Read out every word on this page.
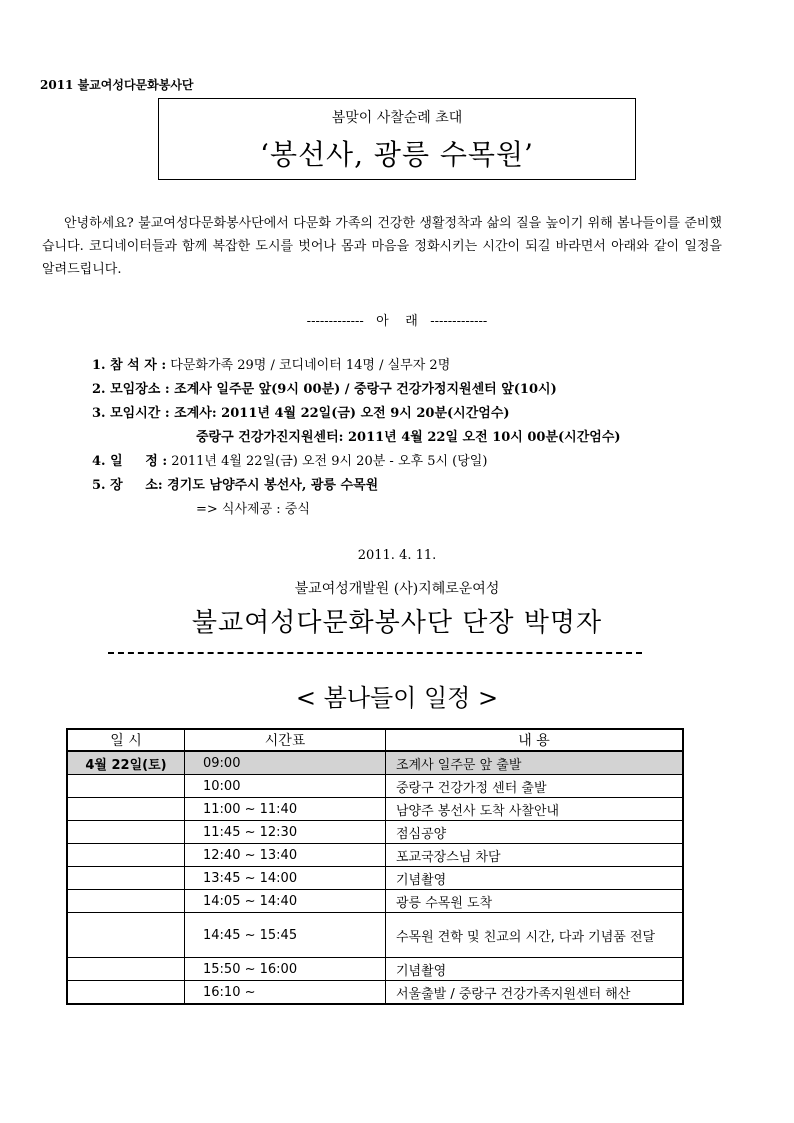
2011 불교여성다문화봉사단
봄맞이 사찰순례 초대
‘봉선사, 광릉 수목원’
안녕하세요? 불교여성다문화봉사단에서 다문화 가족의 건강한 생활정착과 삶의 질을 높이기 위해 봄나들이를 준비했습니다. 코디네이터들과 함께 복잡한 도시를 벗어나 몸과 마음을 정화시키는 시간이 되길 바라면서 아래와 같이 일정을 알려드립니다.
-------------   아    래   -------------
1. 참 석 자 : 다문화가족 29명 / 코디네이터 14명 / 실무자 2명
2. 모임장소 : 조계사 일주문 앞(9시 00분) / 중랑구 건강가정지원센터 앞(10시)
3. 모임시간 : 조계사: 2011년 4월 22일(금) 오전 9시 20분(시간엄수)
중랑구 건강가진지원센터: 2011년 4월 22일 오전 10시 00분(시간엄수)
4. 일     정 : 2011년 4월 22일(금) 오전 9시 20분 - 오후 5시 (당일)
5. 장     소: 경기도 남양주시 봉선사, 광릉 수목원
=> 식사제공 : 중식
2011. 4. 11.
불교여성개발원 (사)지혜로운여성
불교여성다문화봉사단 단장 박명자
< 봄나들이 일정 >
일 시	시간표	내 용
4월 22일(토)	09:00	조계사 일주문 앞 출발
	10:00	중랑구 건강가정 센터 출발
	11:00 ~ 11:40	남양주 봉선사 도착 사찰안내
	11:45 ~ 12:30	점심공양
	12:40 ~ 13:40	포교국장스님 차담
	13:45 ~ 14:00	기념촬영
	14:05 ~ 14:40	광릉 수목원 도착
	14:45 ~ 15:45	수목원 견학 및 친교의 시간, 다과 기념품 전달
	15:50 ~ 16:00	기념촬영
	16:10 ~	서울출발 / 중랑구 건강가족지원센터 해산
